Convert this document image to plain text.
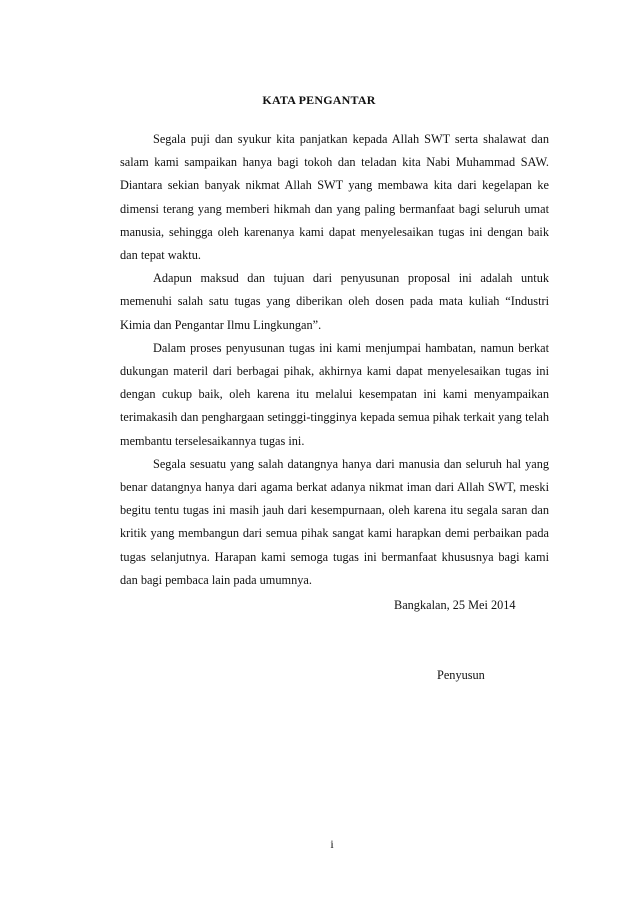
KATA PENGANTAR

Segala puji dan syukur kita panjatkan kepada Allah SWT serta shalawat dan salam kami sampaikan hanya bagi tokoh dan teladan kita Nabi Muhammad SAW. Diantara sekian banyak nikmat Allah SWT yang membawa kita dari kegelapan ke dimensi terang yang memberi hikmah dan yang paling bermanfaat bagi seluruh umat manusia, sehingga oleh karenanya kami dapat menyelesaikan tugas ini dengan baik dan tepat waktu.

Adapun maksud dan tujuan dari penyusunan proposal ini adalah untuk memenuhi salah satu tugas yang diberikan oleh dosen pada mata kuliah “Industri Kimia dan Pengantar Ilmu Lingkungan”.

Dalam proses penyusunan tugas ini kami menjumpai hambatan, namun berkat dukungan materil dari berbagai pihak, akhirnya kami dapat menyelesaikan tugas ini dengan cukup baik, oleh karena itu melalui kesempatan ini kami menyampaikan terimakasih dan penghargaan setinggi-tingginya kepada semua pihak terkait yang telah membantu terselesaikannya tugas ini.

Segala sesuatu yang salah datangnya hanya dari manusia dan seluruh hal yang benar datangnya hanya dari agama berkat adanya nikmat iman dari Allah SWT, meski begitu tentu tugas ini masih jauh dari kesempurnaan, oleh karena itu segala saran dan kritik yang membangun dari semua pihak sangat kami harapkan demi perbaikan pada tugas selanjutnya. Harapan kami semoga tugas ini bermanfaat khususnya bagi kami dan bagi pembaca lain pada umumnya.

Bangkalan, 25 Mei 2014
Penyusun
i
